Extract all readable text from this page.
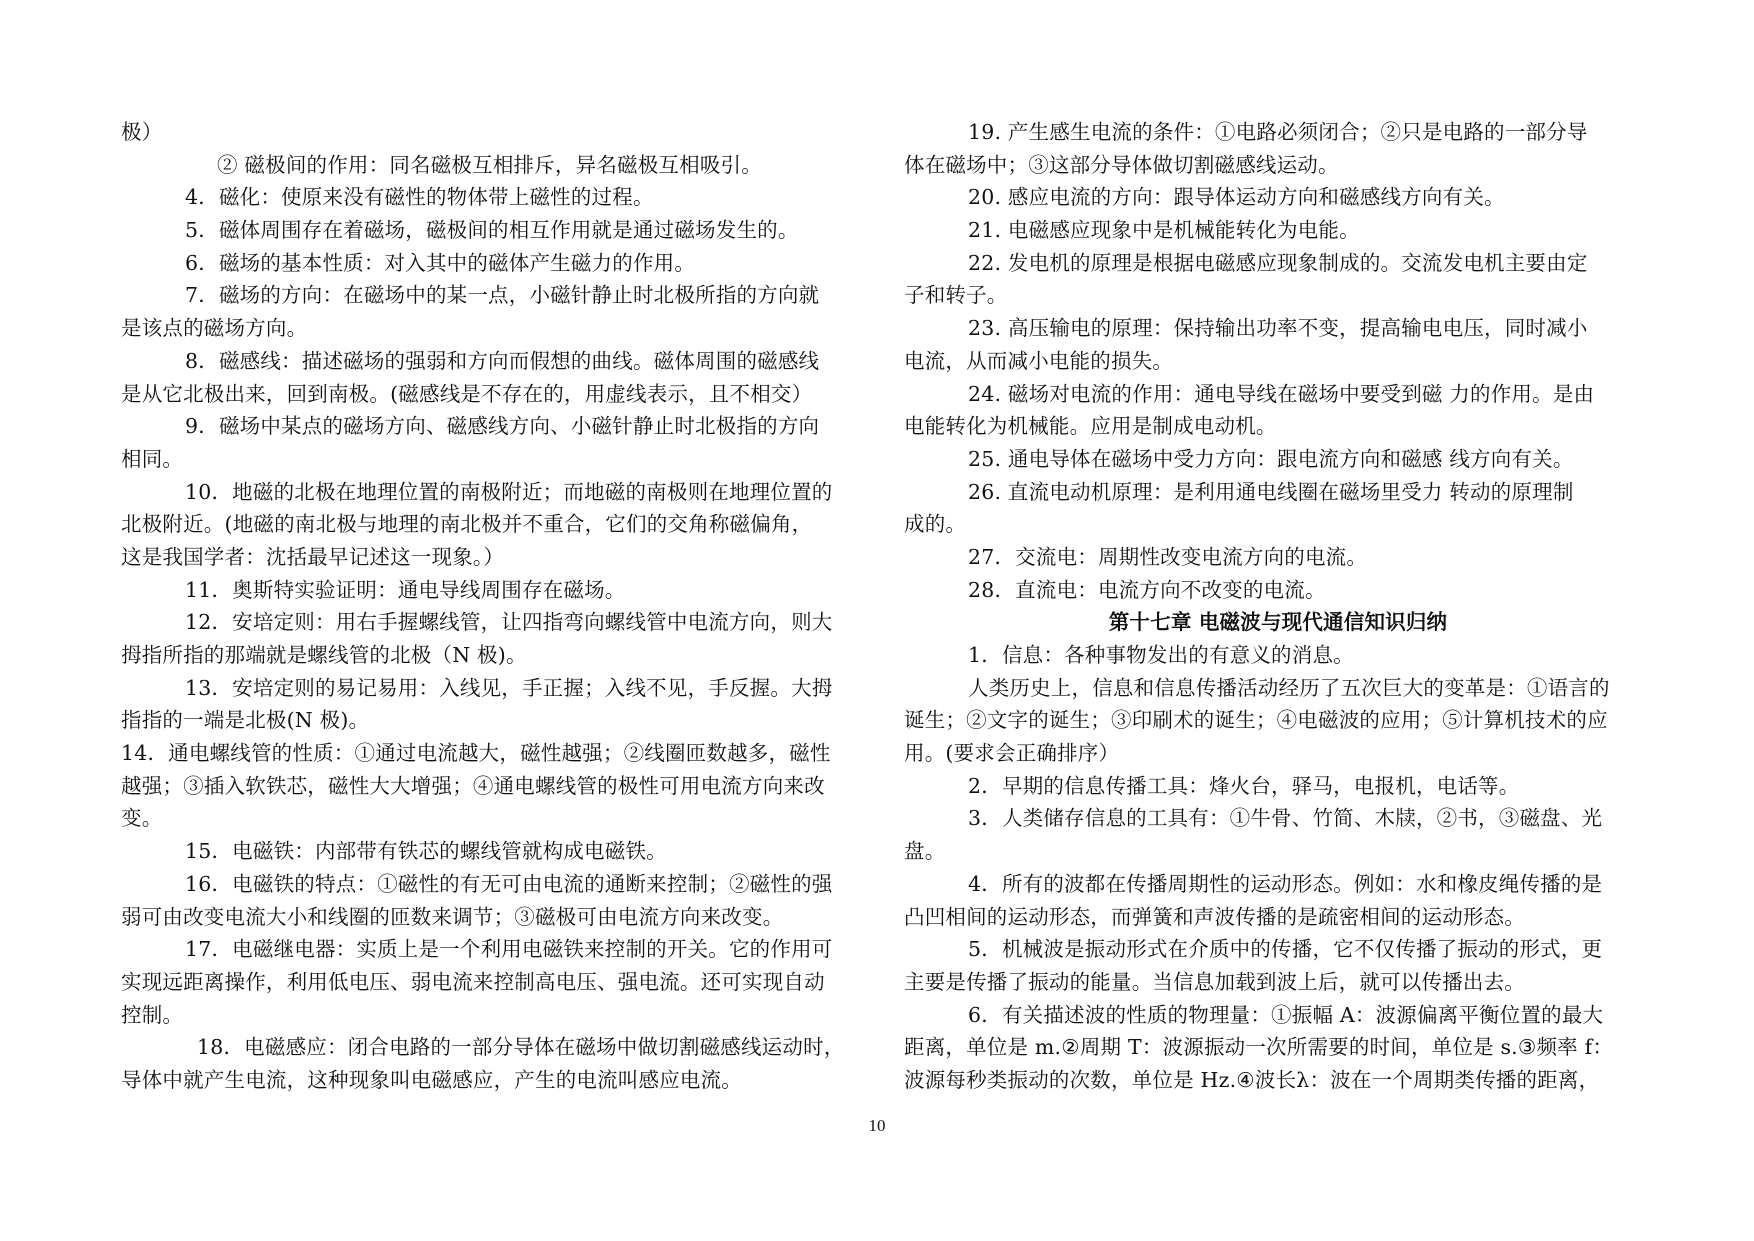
极）
② 磁极间的作用：同名磁极互相排斥，异名磁极互相吸引。
4．磁化：使原来没有磁性的物体带上磁性的过程。
5．磁体周围存在着磁场，磁极间的相互作用就是通过磁场发生的。
6．磁场的基本性质：对入其中的磁体产生磁力的作用。
7．磁场的方向：在磁场中的某一点，小磁针静止时北极所指的方向就
是该点的磁场方向。
8．磁感线：描述磁场的强弱和方向而假想的曲线。磁体周围的磁感线
是从它北极出来，回到南极。(磁感线是不存在的，用虚线表示，且不相交）
9．磁场中某点的磁场方向、磁感线方向、小磁针静止时北极指的方向
相同。
10．地磁的北极在地理位置的南极附近；而地磁的南极则在地理位置的
北极附近。(地磁的南北极与地理的南北极并不重合，它们的交角称磁偏角，
这是我国学者：沈括最早记述这一现象。）
11．奥斯特实验证明：通电导线周围存在磁场。
12．安培定则：用右手握螺线管，让四指弯向螺线管中电流方向，则大
拇指所指的那端就是螺线管的北极（N 极)。
13．安培定则的易记易用：入线见，手正握；入线不见，手反握。大拇
指指的一端是北极(N 极)。
14．通电螺线管的性质：①通过电流越大，磁性越强；②线圈匝数越多，磁性
越强；③插入软铁芯，磁性大大增强；④通电螺线管的极性可用电流方向来改
变。
15．电磁铁：内部带有铁芯的螺线管就构成电磁铁。
16．电磁铁的特点：①磁性的有无可由电流的通断来控制；②磁性的强
弱可由改变电流大小和线圈的匝数来调节；③磁极可由电流方向来改变。
17．电磁继电器：实质上是一个利用电磁铁来控制的开关。它的作用可
实现远距离操作，利用低电压、弱电流来控制高电压、强电流。还可实现自动
控制。
18．电磁感应：闭合电路的一部分导体在磁场中做切割磁感线运动时，
导体中就产生电流，这种现象叫电磁感应，产生的电流叫感应电流。
19. 产生感生电流的条件：①电路必须闭合；②只是电路的一部分导
体在磁场中；③这部分导体做切割磁感线运动。
20. 感应电流的方向：跟导体运动方向和磁感线方向有关。
21. 电磁感应现象中是机械能转化为电能。
22. 发电机的原理是根据电磁感应现象制成的。交流发电机主要由定
子和转子。
23. 高压输电的原理：保持输出功率不变，提高输电电压，同时减小
电流，从而减小电能的损失。
24. 磁场对电流的作用：通电导线在磁场中要受到磁 力的作用。是由
电能转化为机械能。应用是制成电动机。
25. 通电导体在磁场中受力方向：跟电流方向和磁感 线方向有关。
26. 直流电动机原理：是利用通电线圈在磁场里受力 转动的原理制
成的。
27．交流电：周期性改变电流方向的电流。
28．直流电：电流方向不改变的电流。
第十七章 电磁波与现代通信知识归纳
1．信息：各种事物发出的有意义的消息。
人类历史上，信息和信息传播活动经历了五次巨大的变革是：①语言的
诞生；②文字的诞生；③印刷术的诞生；④电磁波的应用；⑤计算机技术的应
用。(要求会正确排序）
2．早期的信息传播工具：烽火台，驿马，电报机，电话等。
3．人类储存信息的工具有：①牛骨、竹简、木牍，②书，③磁盘、光
盘。
4．所有的波都在传播周期性的运动形态。例如：水和橡皮绳传播的是
凸凹相间的运动形态，而弹簧和声波传播的是疏密相间的运动形态。
5．机械波是振动形式在介质中的传播，它不仅传播了振动的形式，更
主要是传播了振动的能量。当信息加载到波上后，就可以传播出去。
6．有关描述波的性质的物理量：①振幅 A：波源偏离平衡位置的最大
距离，单位是 m.②周期 T：波源振动一次所需要的时间，单位是 s.③频率 f：
波源每秒类振动的次数，单位是 Hz.④波长λ：波在一个周期类传播的距离，
10
